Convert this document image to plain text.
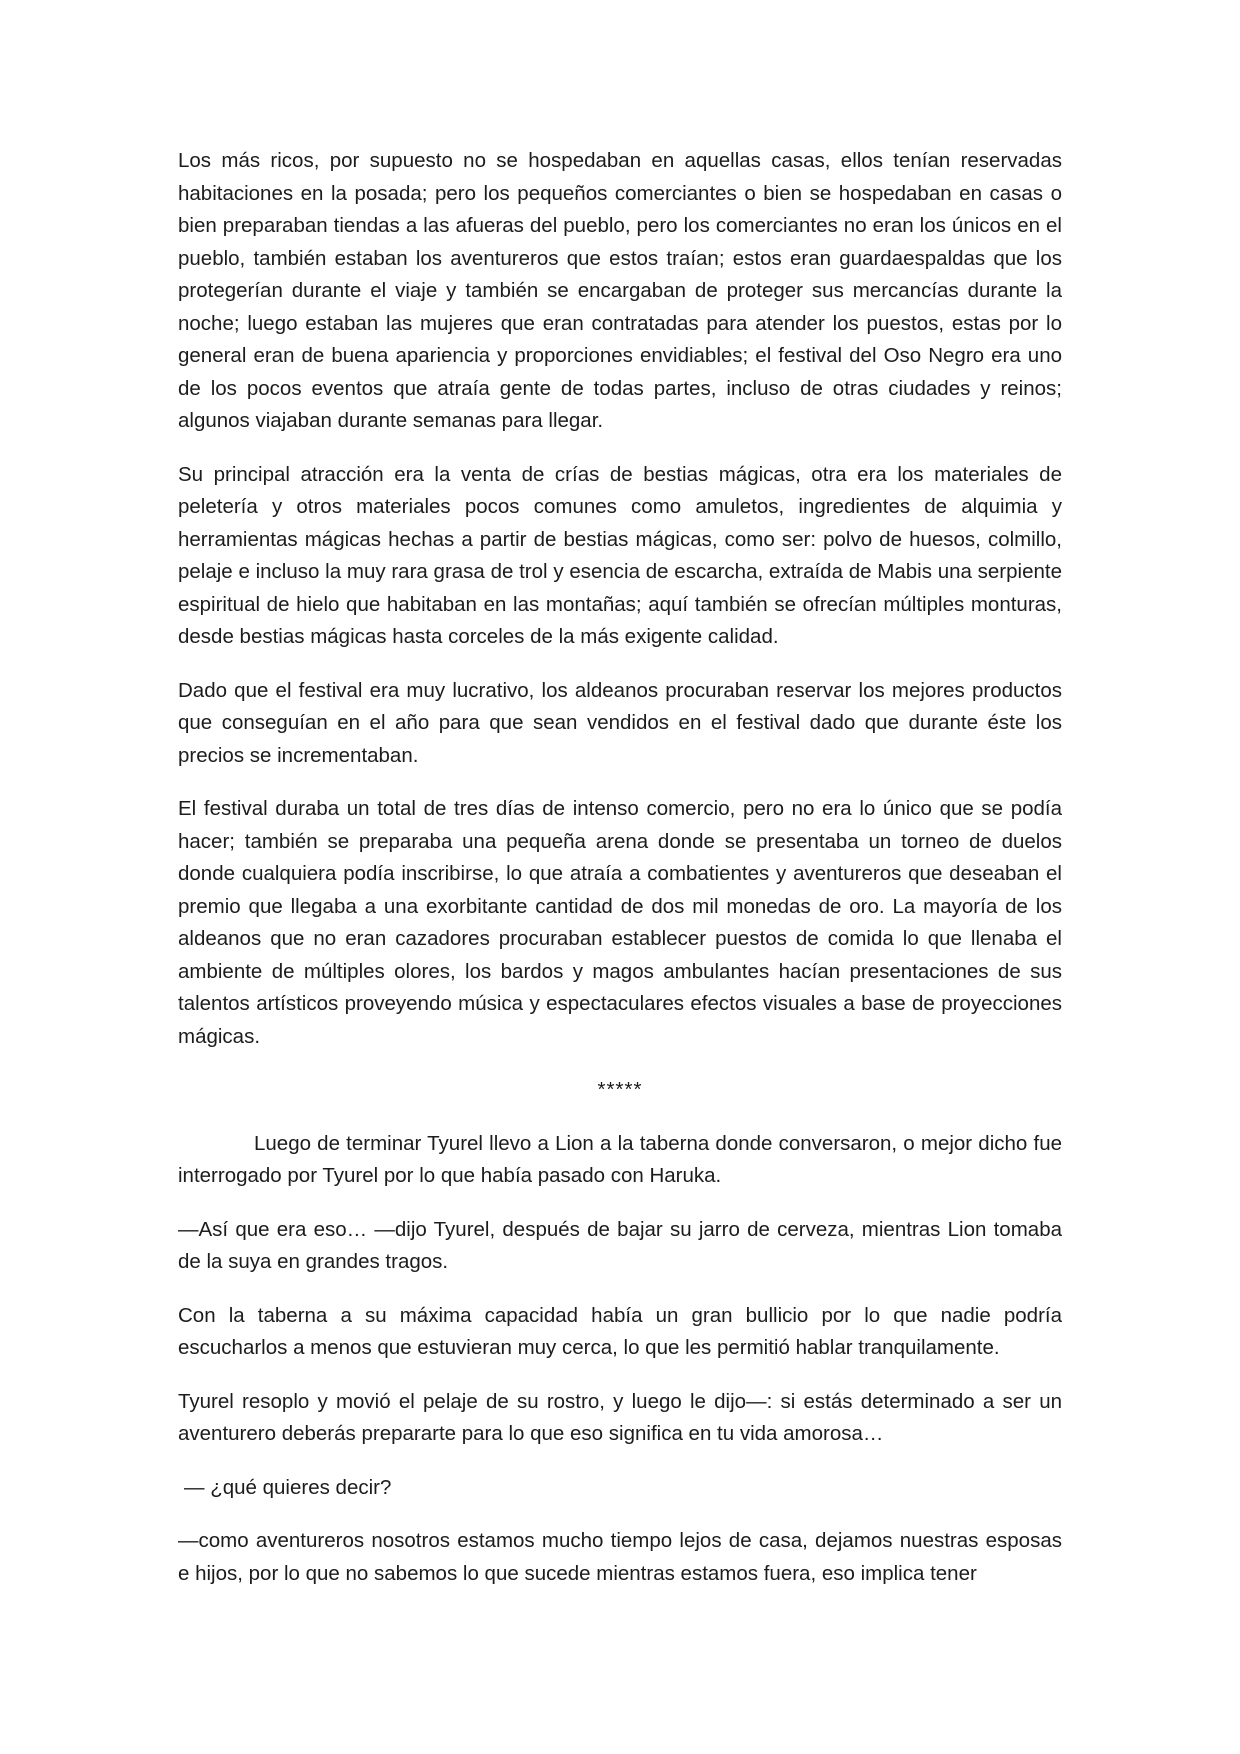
Los más ricos, por supuesto no se hospedaban en aquellas casas, ellos tenían reservadas habitaciones en la posada; pero los pequeños comerciantes o bien se hospedaban en casas o bien preparaban tiendas a las afueras del pueblo, pero los comerciantes no eran los únicos en el pueblo, también estaban los aventureros que estos traían; estos eran guardaespaldas que los protegerían durante el viaje y también se encargaban de proteger sus mercancías durante la noche; luego estaban las mujeres que eran contratadas para atender los puestos, estas por lo general eran de buena apariencia y proporciones envidiables; el festival del Oso Negro era uno de los pocos eventos que atraía gente de todas partes, incluso de otras ciudades y reinos; algunos viajaban durante semanas para llegar.

Su principal atracción era la venta de crías de bestias mágicas, otra era los materiales de peletería y otros materiales pocos comunes como amuletos, ingredientes de alquimia y herramientas mágicas hechas a partir de bestias mágicas, como ser: polvo de huesos, colmillo, pelaje e incluso la muy rara grasa de trol y esencia de escarcha, extraída de Mabis una serpiente espiritual de hielo que habitaban en las montañas; aquí también se ofrecían múltiples monturas, desde bestias mágicas hasta corceles de la más exigente calidad.

Dado que el festival era muy lucrativo, los aldeanos procuraban reservar los mejores productos que conseguían en el año para que sean vendidos en el festival dado que durante éste los precios se incrementaban.

El festival duraba un total de tres días de intenso comercio, pero no era lo único que se podía hacer; también se preparaba una pequeña arena donde se presentaba un torneo de duelos donde cualquiera podía inscribirse, lo que atraía a combatientes y aventureros que deseaban el premio que llegaba a una exorbitante cantidad de dos mil monedas de oro. La mayoría de los aldeanos que no eran cazadores procuraban establecer puestos de comida lo que llenaba el ambiente de múltiples olores, los bardos y magos ambulantes hacían presentaciones de sus talentos artísticos proveyendo música y espectaculares efectos visuales a base de proyecciones mágicas.

*****

Luego de terminar Tyurel llevo a Lion a la taberna donde conversaron, o mejor dicho fue interrogado por Tyurel por lo que había pasado con Haruka.

—Así que era eso… —dijo Tyurel, después de bajar su jarro de cerveza, mientras Lion tomaba de la suya en grandes tragos.

Con la taberna a su máxima capacidad había un gran bullicio por lo que nadie podría escucharlos a menos que estuvieran muy cerca, lo que les permitió hablar tranquilamente.

Tyurel resoplo y movió el pelaje de su rostro, y luego le dijo—: si estás determinado a ser un aventurero deberás prepararte para lo que eso significa en tu vida amorosa…

— ¿qué quieres decir?

—como aventureros nosotros estamos mucho tiempo lejos de casa, dejamos nuestras esposas e hijos, por lo que no sabemos lo que sucede mientras estamos fuera, eso implica tener
